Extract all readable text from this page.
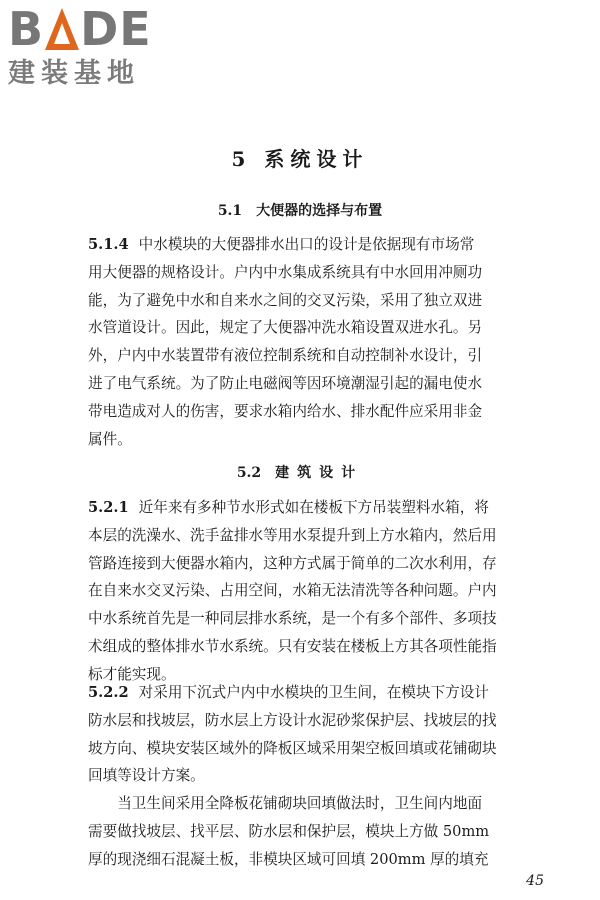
B DE
建装基地
5 系统设计
5.1 大便器的选择与布置
5.1.4 中水模块的大便器排水出口的设计是依据现有市场常
用大便器的规格设计。户内中水集成系统具有中水回用冲厕功
能，为了避免中水和自来水之间的交叉污染，采用了独立双进
水管道设计。因此，规定了大便器冲洗水箱设置双进水孔。另
外，户内中水装置带有液位控制系统和自动控制补水设计，引
进了电气系统。为了防止电磁阀等因环境潮湿引起的漏电使水
带电造成对人的伤害，要求水箱内给水、排水配件应采用非金
属件。
5.2 建筑设计
5.2.1 近年来有多种节水形式如在楼板下方吊装塑料水箱，将
本层的洗澡水、洗手盆排水等用水泵提升到上方水箱内，然后用
管路连接到大便器水箱内，这种方式属于简单的二次水利用，存
在自来水交叉污染、占用空间，水箱无法清洗等各种问题。户内
中水系统首先是一种同层排水系统，是一个有多个部件、多项技
术组成的整体排水节水系统。只有安装在楼板上方其各项性能指
标才能实现。
5.2.2 对采用下沉式户内中水模块的卫生间，在模块下方设计
防水层和找坡层，防水层上方设计水泥砂浆保护层、找坡层的找
坡方向、模块安装区域外的降板区域采用架空板回填或花铺砌块
回填等设计方案。
　　当卫生间采用全降板花铺砌块回填做法时，卫生间内地面
需要做找坡层、找平层、防水层和保护层，模块上方做 50mm
厚的现浇细石混凝土板，非模块区域可回填 200mm 厚的填充
45
